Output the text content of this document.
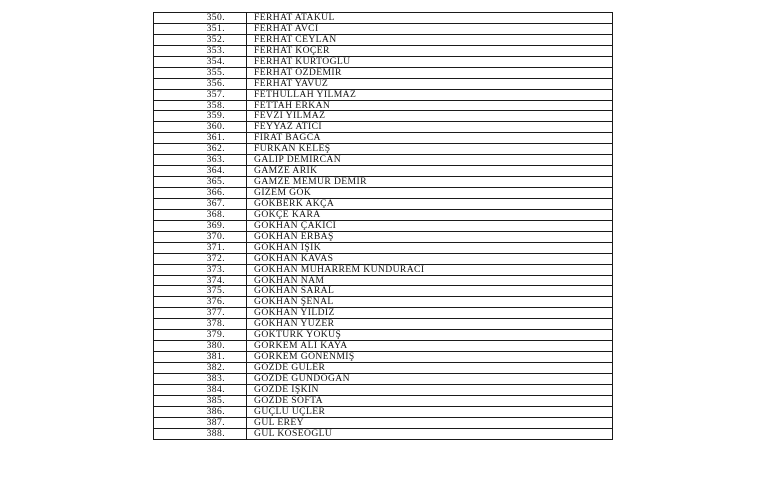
350.	FERHAT ATAKUL
351.	FERHAT AVCI
352.	FERHAT CEYLAN
353.	FERHAT KOÇER
354.	FERHAT KURTOĞLU
355.	FERHAT ÖZDEMİR
356.	FERHAT YAVUZ
357.	FETHULLAH YILMAZ
358.	FETTAH ERKAN
359.	FEVZİ YILMAZ
360.	FEYYAZ ATICI
361.	FIRAT BAĞCA
362.	FURKAN KELEŞ
363.	GALİP DEMİRCAN
364.	GAMZE ARIK
365.	GAMZE MEMUR DEMİR
366.	GİZEM GÖK
367.	GÖKBERK AKÇA
368.	GÖKÇE KARA
369.	GÖKHAN ÇAKICI
370.	GÖKHAN ERBAŞ
371.	GÖKHAN IŞIK
372.	GÖKHAN KAVAS
373.	GÖKHAN MUHARREM KUNDURACI
374.	GÖKHAN NAM
375.	GÖKHAN SARAL
376.	GÖKHAN ŞENAL
377.	GÖKHAN YILDIZ
378.	GÖKHAN YÜZER
379.	GÖKTÜRK YOKUŞ
380.	GÖRKEM ALİ KAYA
381.	GÖRKEM GÖNENMİŞ
382.	GÖZDE GÜLER
383.	GÖZDE GÜNDOĞAN
384.	GÖZDE IŞKIN
385.	GÖZDE SOFTA
386.	GÜÇLÜ ÜÇLER
387.	GÜL EREY
388.	GÜL KÖSEOĞLU
